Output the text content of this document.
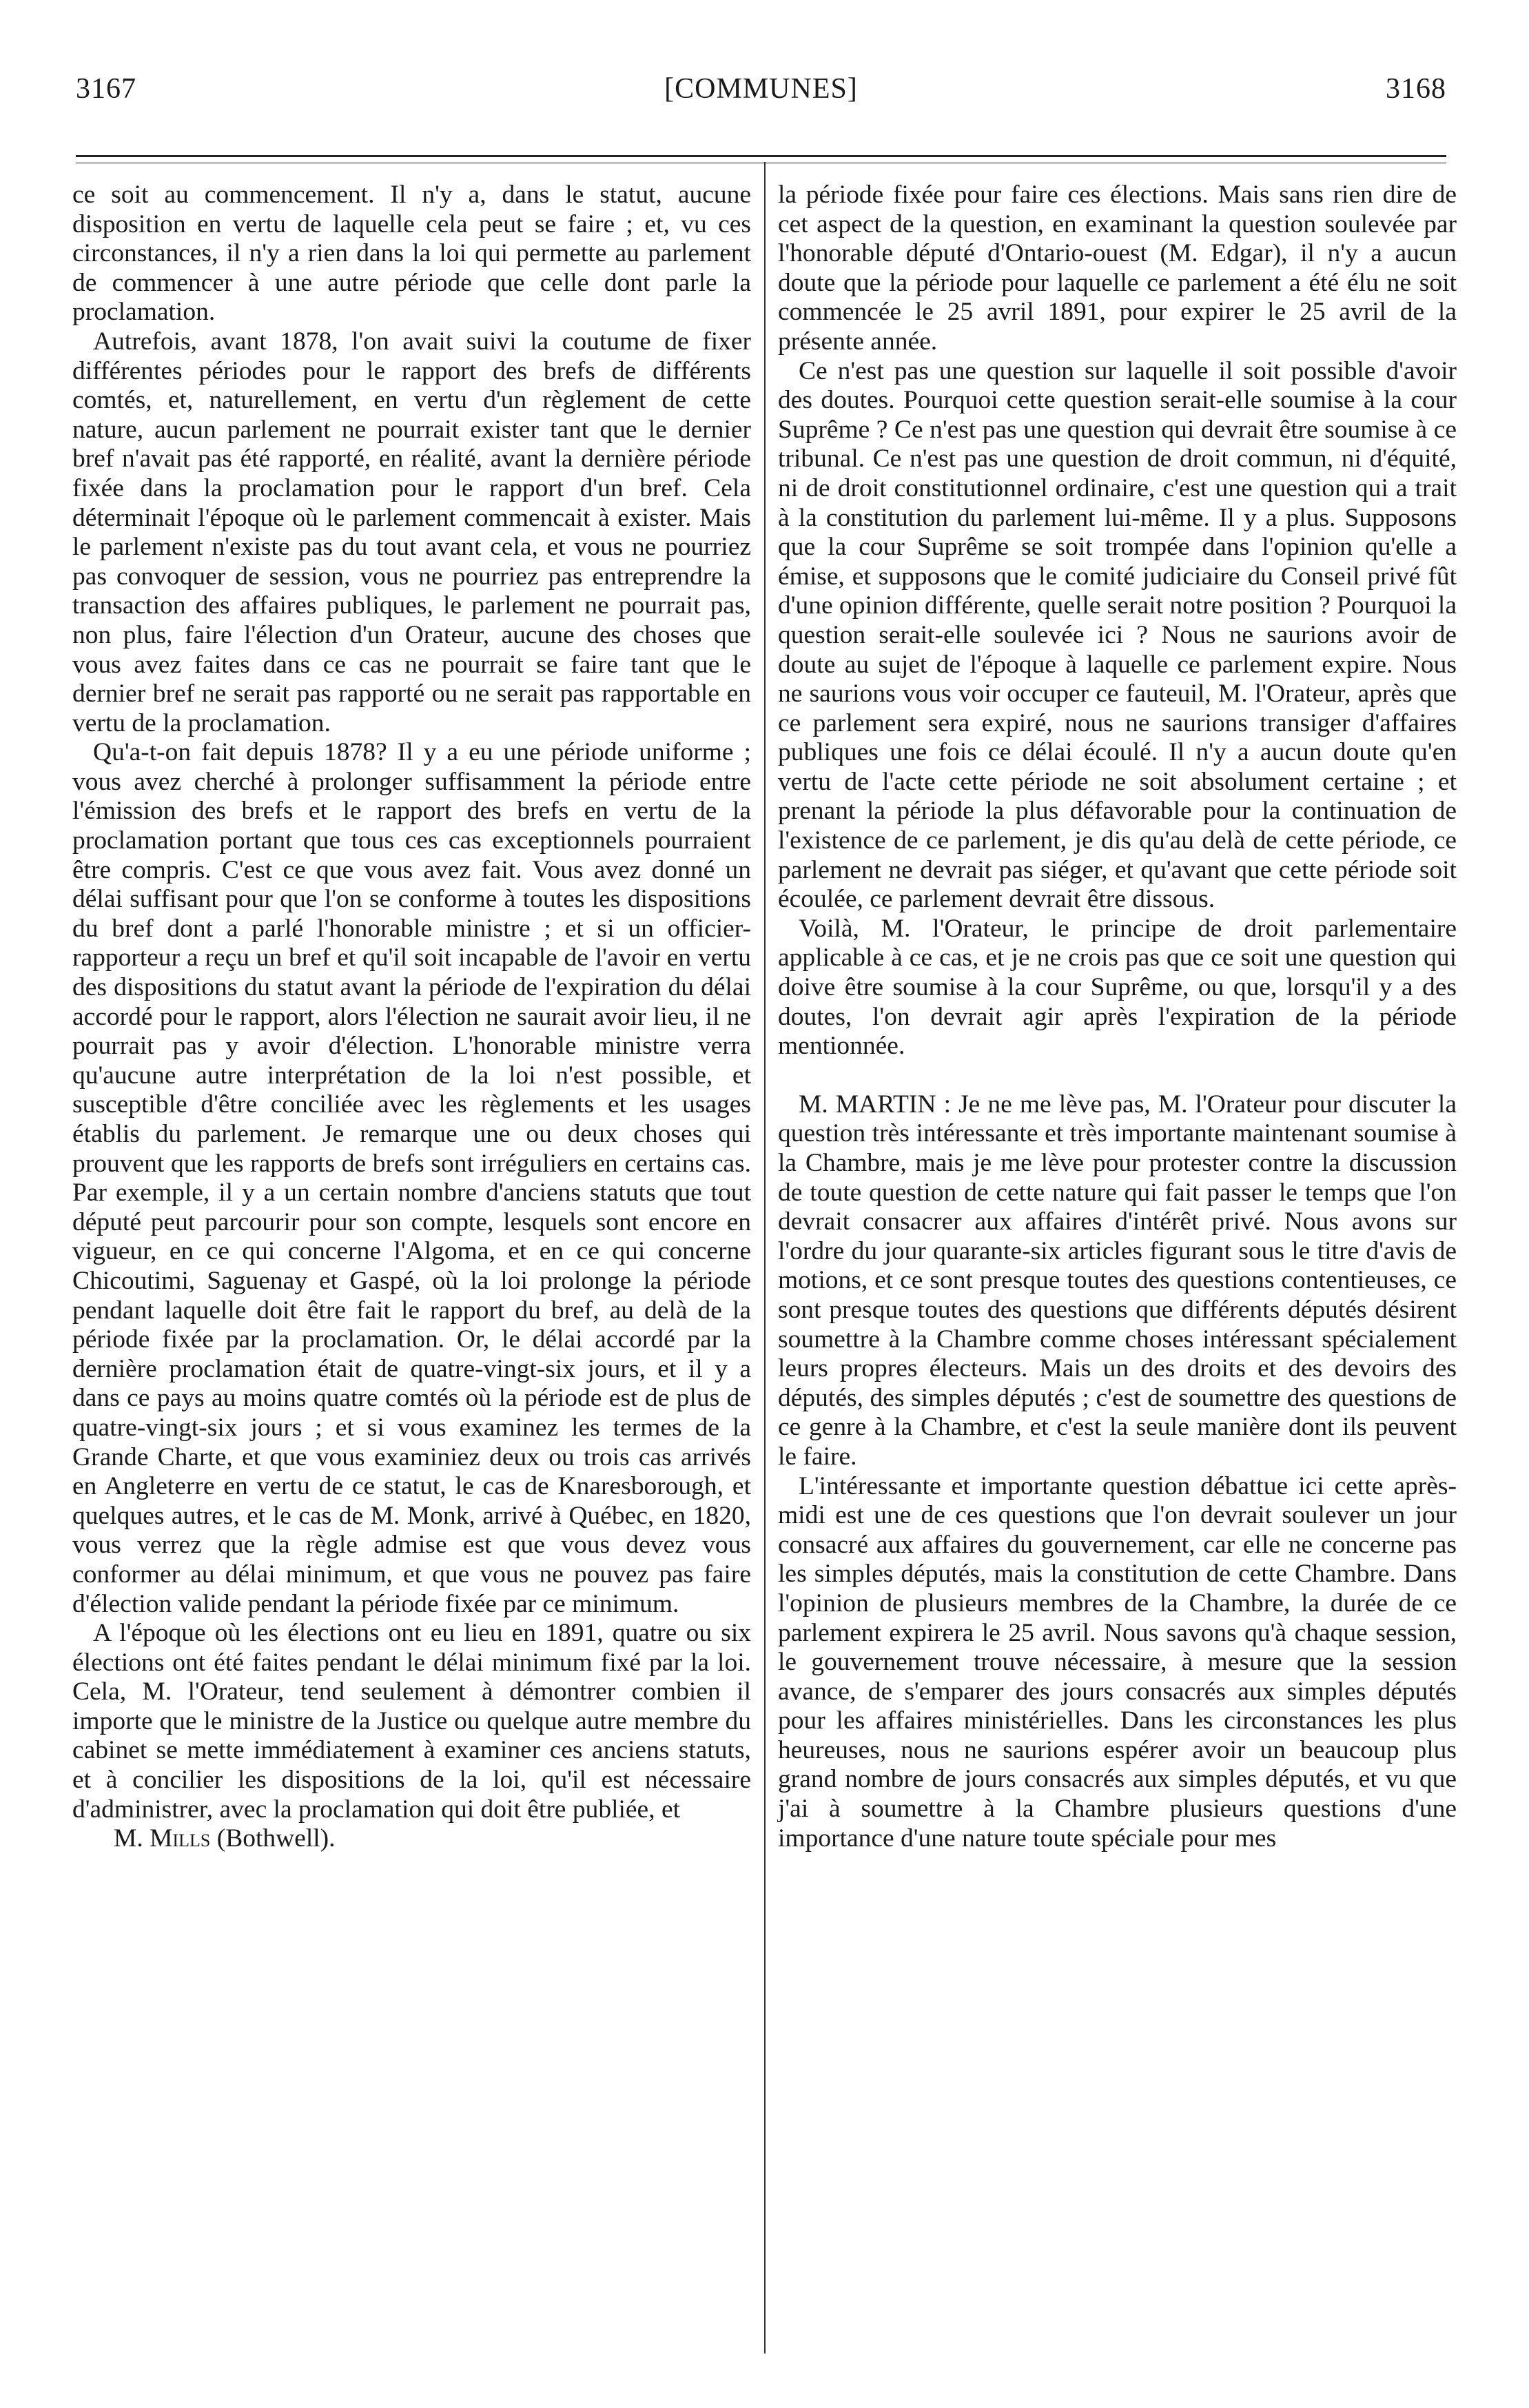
3167	[COMMUNES]	3168

ce soit au commencement. Il n'y a, dans le statut, aucune disposition en vertu de laquelle cela peut se faire ; et, vu ces circonstances, il n'y a rien dans la loi qui permette au parlement de commencer à une autre période que celle dont parle la proclamation.

Autrefois, avant 1878, l'on avait suivi la coutume de fixer différentes périodes pour le rapport des brefs de différents comtés, et, naturellement, en vertu d'un règlement de cette nature, aucun parlement ne pourrait exister tant que le dernier bref n'avait pas été rapporté, en réalité, avant la dernière période fixée dans la proclamation pour le rapport d'un bref. Cela déterminait l'époque où le parlement commencait à exister. Mais le parlement n'existe pas du tout avant cela, et vous ne pourriez pas convoquer de session, vous ne pourriez pas entreprendre la transaction des affaires publiques, le parlement ne pourrait pas, non plus, faire l'élection d'un Orateur, aucune des choses que vous avez faites dans ce cas ne pourrait se faire tant que le dernier bref ne serait pas rapporté ou ne serait pas rapportable en vertu de la proclamation.

Qu'a-t-on fait depuis 1878? Il y a eu une période uniforme ; vous avez cherché à prolonger suffisamment la période entre l'émission des brefs et le rapport des brefs en vertu de la proclamation portant que tous ces cas exceptionnels pourraient être compris. C'est ce que vous avez fait. Vous avez donné un délai suffisant pour que l'on se conforme à toutes les dispositions du bref dont a parlé l'honorable ministre ; et si un officier-rapporteur a reçu un bref et qu'il soit incapable de l'avoir en vertu des dispositions du statut avant la période de l'expiration du délai accordé pour le rapport, alors l'élection ne saurait avoir lieu, il ne pourrait pas y avoir d'élection. L'honorable ministre verra qu'aucune autre interprétation de la loi n'est possible, et susceptible d'être conciliée avec les règlements et les usages établis du parlement. Je remarque une ou deux choses qui prouvent que les rapports de brefs sont irréguliers en certains cas. Par exemple, il y a un certain nombre d'anciens statuts que tout député peut parcourir pour son compte, lesquels sont encore en vigueur, en ce qui concerne l'Algoma, et en ce qui concerne Chicoutimi, Saguenay et Gaspé, où la loi prolonge la période pendant laquelle doit être fait le rapport du bref, au delà de la période fixée par la proclamation. Or, le délai accordé par la dernière proclamation était de quatre-vingt-six jours, et il y a dans ce pays au moins quatre comtés où la période est de plus de quatre-vingt-six jours ; et si vous examinez les termes de la Grande Charte, et que vous examiniez deux ou trois cas arrivés en Angleterre en vertu de ce statut, le cas de Knaresborough, et quelques autres, et le cas de M. Monk, arrivé à Québec, en 1820, vous verrez que la règle admise est que vous devez vous conformer au délai minimum, et que vous ne pouvez pas faire d'élection valide pendant la période fixée par ce minimum.

A l'époque où les élections ont eu lieu en 1891, quatre ou six élections ont été faites pendant le délai minimum fixé par la loi. Cela, M. l'Orateur, tend seulement à démontrer combien il importe que le ministre de la Justice ou quelque autre membre du cabinet se mette immédiatement à examiner ces anciens statuts, et à concilier les dispositions de la loi, qu'il est nécessaire d'administrer, avec la proclamation qui doit être publiée, et

M. Mills (Bothwell).

la période fixée pour faire ces élections. Mais sans rien dire de cet aspect de la question, en examinant la question soulevée par l'honorable député d'Ontario-ouest (M. Edgar), il n'y a aucun doute que la période pour laquelle ce parlement a été élu ne soit commencée le 25 avril 1891, pour expirer le 25 avril de la présente année.

Ce n'est pas une question sur laquelle il soit possible d'avoir des doutes. Pourquoi cette question serait-elle soumise à la cour Suprême ? Ce n'est pas une question qui devrait être soumise à ce tribunal. Ce n'est pas une question de droit commun, ni d'équité, ni de droit constitutionnel ordinaire, c'est une question qui a trait à la constitution du parlement lui-même. Il y a plus. Supposons que la cour Suprême se soit trompée dans l'opinion qu'elle a émise, et supposons que le comité judiciaire du Conseil privé fût d'une opinion différente, quelle serait notre position ? Pourquoi la question serait-elle soulevée ici ? Nous ne saurions avoir de doute au sujet de l'époque à laquelle ce parlement expire. Nous ne saurions vous voir occuper ce fauteuil, M. l'Orateur, après que ce parlement sera expiré, nous ne saurions transiger d'affaires publiques une fois ce délai écoulé. Il n'y a aucun doute qu'en vertu de l'acte cette période ne soit absolument certaine ; et prenant la période la plus défavorable pour la continuation de l'existence de ce parlement, je dis qu'au delà de cette période, ce parlement ne devrait pas siéger, et qu'avant que cette période soit écoulée, ce parlement devrait être dissous.

Voilà, M. l'Orateur, le principe de droit parlementaire applicable à ce cas, et je ne crois pas que ce soit une question qui doive être soumise à la cour Suprême, ou que, lorsqu'il y a des doutes, l'on devrait agir après l'expiration de la période mentionnée.

M. MARTIN : Je ne me lève pas, M. l'Orateur pour discuter la question très intéressante et très importante maintenant soumise à la Chambre, mais je me lève pour protester contre la discussion de toute question de cette nature qui fait passer le temps que l'on devrait consacrer aux affaires d'intérêt privé. Nous avons sur l'ordre du jour quarante-six articles figurant sous le titre d'avis de motions, et ce sont presque toutes des questions contentieuses, ce sont presque toutes des questions que différents députés désirent soumettre à la Chambre comme choses intéressant spécialement leurs propres électeurs. Mais un des droits et des devoirs des députés, des simples députés ; c'est de soumettre des questions de ce genre à la Chambre, et c'est la seule manière dont ils peuvent le faire.

L'intéressante et importante question débattue ici cette après-midi est une de ces questions que l'on devrait soulever un jour consacré aux affaires du gouvernement, car elle ne concerne pas les simples députés, mais la constitution de cette Chambre. Dans l'opinion de plusieurs membres de la Chambre, la durée de ce parlement expirera le 25 avril. Nous savons qu'à chaque session, le gouvernement trouve nécessaire, à mesure que la session avance, de s'emparer des jours consacrés aux simples députés pour les affaires ministérielles. Dans les circonstances les plus heureuses, nous ne saurions espérer avoir un beaucoup plus grand nombre de jours consacrés aux simples députés, et vu que j'ai à soumettre à la Chambre plusieurs questions d'une importance d'une nature toute spéciale pour mes
